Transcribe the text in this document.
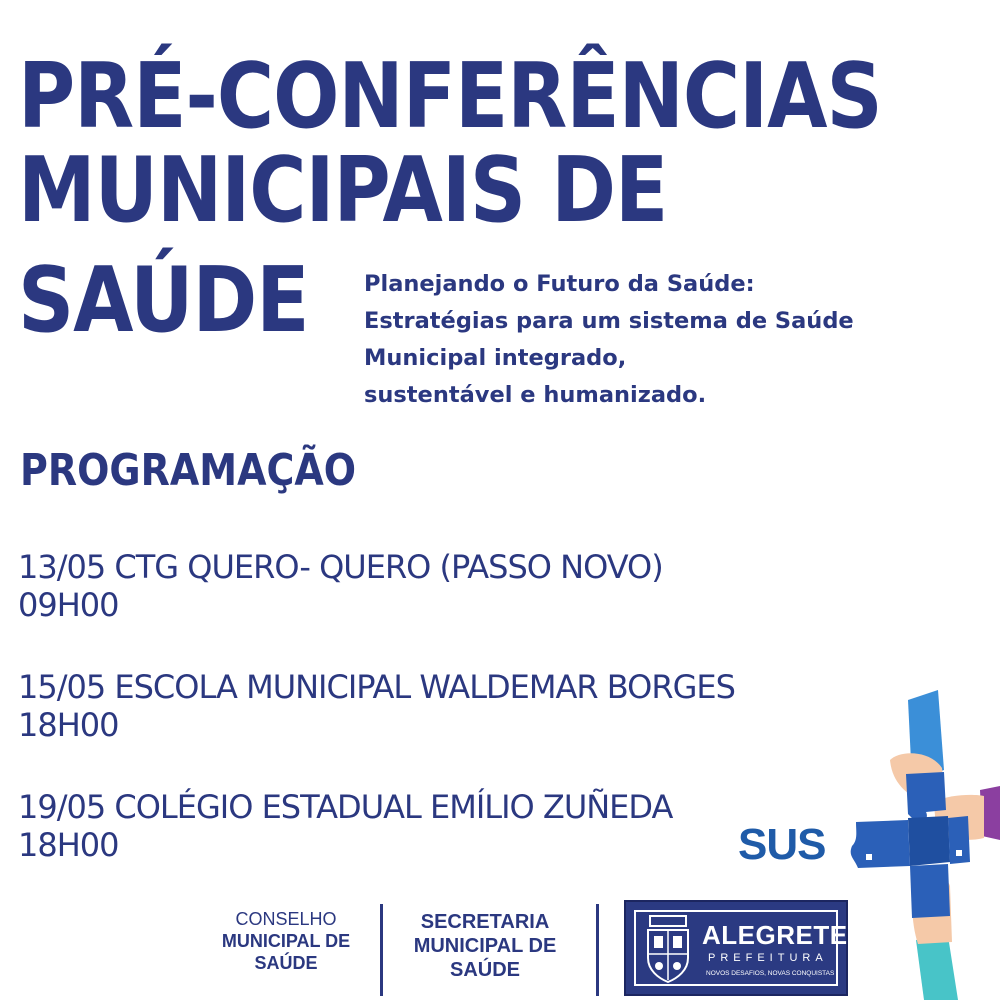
PRÉ-CONFERÊNCIAS
MUNICIPAIS DE
SAÚDE Planejando o Futuro da Saúde:
Estratégias para um sistema de Saúde
Municipal integrado,
sustentável e humanizado.
PROGRAMAÇÃO
13/05 CTG QUERO- QUERO (PASSO NOVO)
09H00
15/05 ESCOLA MUNICIPAL WALDEMAR BORGES
18H00
19/05 COLÉGIO ESTADUAL EMÍLIO ZUÑEDA
18H00	SUS
CONSELHO
MUNICIPAL DE
SAÚDE
SECRETARIA
MUNICIPAL DE
SAÚDE
ALEGRETE
PREFEITURA
NOVOS DESAFIOS, NOVAS CONQUISTAS
